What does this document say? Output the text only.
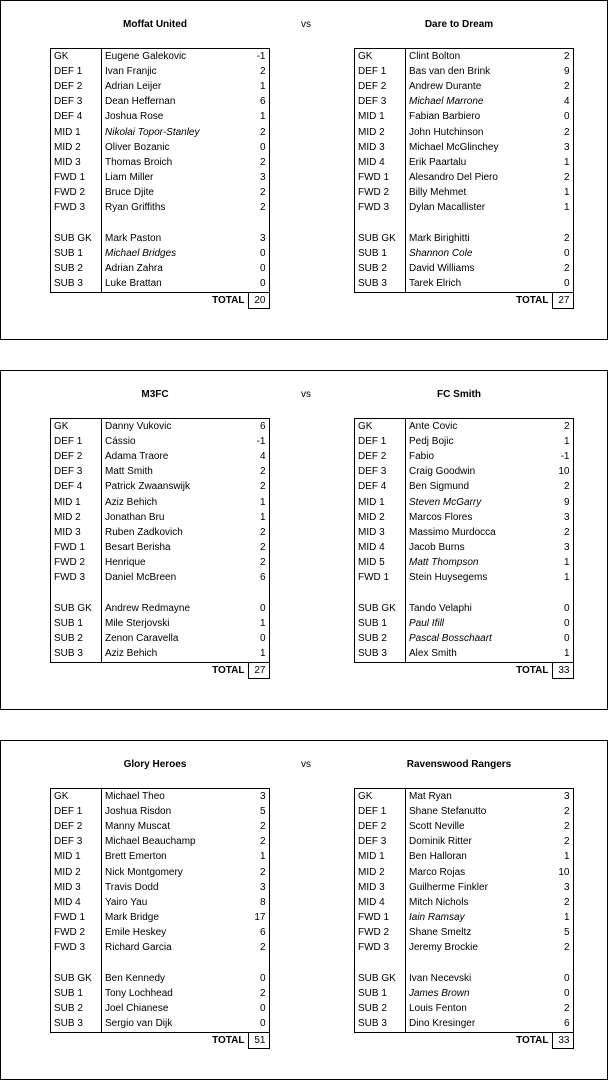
vs
Moffat United
GK	Eugene Galekovic	-1
DEF 1	Ivan Franjic	2
DEF 2	Adrian Leijer	1
DEF 3	Dean Heffernan	6
DEF 4	Joshua Rose	1
MID 1	Nikolai Topor-Stanley	2
MID 2	Oliver Bozanic	0
MID 3	Thomas Broich	2
FWD 1	Liam Miller	3
FWD 2	Bruce Djite	2
FWD 3	Ryan Griffiths	2

SUB GK	Mark Paston	3
SUB 1	Michael Bridges	0
SUB 2	Adrian Zahra	0
SUB 3	Luke Brattan	0
	TOTAL	20
Dare to Dream
GK	Clint Bolton	2
DEF 1	Bas van den Brink	9
DEF 2	Andrew Durante	2
DEF 3	Michael Marrone	4
MID 1	Fabian Barbiero	0
MID 2	John Hutchinson	2
MID 3	Michael McGlinchey	3
MID 4	Erik Paartalu	1
FWD 1	Alesandro Del Piero	2
FWD 2	Billy Mehmet	1
FWD 3	Dylan Macallister	1

SUB GK	Mark Birighitti	2
SUB 1	Shannon Cole	0
SUB 2	David Williams	2
SUB 3	Tarek Elrich	0
	TOTAL	27
vs
M3FC
GK	Danny Vukovic	6
DEF 1	Cássio	-1
DEF 2	Adama Traore	4
DEF 3	Matt Smith	2
DEF 4	Patrick Zwaanswijk	2
MID 1	Aziz Behich	1
MID 2	Jonathan Bru	1
MID 3	Ruben Zadkovich	2
FWD 1	Besart Berisha	2
FWD 2	Henrique	2
FWD 3	Daniel McBreen	6

SUB GK	Andrew Redmayne	0
SUB 1	Mile Sterjovski	1
SUB 2	Zenon Caravella	0
SUB 3	Aziz Behich	1
	TOTAL	27
FC Smith
GK	Ante Covic	2
DEF 1	Pedj Bojic	1
DEF 2	Fabio	-1
DEF 3	Craig Goodwin	10
DEF 4	Ben Sigmund	2
MID 1	Steven McGarry	9
MID 2	Marcos Flores	3
MID 3	Massimo Murdocca	2
MID 4	Jacob Burns	3
MID 5	Matt Thompson	1
FWD 1	Stein Huysegems	1

SUB GK	Tando Velaphi	0
SUB 1	Paul Ifill	0
SUB 2	Pascal Bosschaart	0
SUB 3	Alex Smith	1
	TOTAL	33
vs
Glory Heroes
GK	Michael Theo	3
DEF 1	Joshua Risdon	5
DEF 2	Manny Muscat	2
DEF 3	Michael Beauchamp	2
MID 1	Brett Emerton	1
MID 2	Nick Montgomery	2
MID 3	Travis Dodd	3
MID 4	Yairo Yau	8
FWD 1	Mark Bridge	17
FWD 2	Emile Heskey	6
FWD 3	Richard Garcia	2

SUB GK	Ben Kennedy	0
SUB 1	Tony Lochhead	2
SUB 2	Joel Chianese	0
SUB 3	Sergio van Dijk	0
	TOTAL	51
Ravenswood Rangers
GK	Mat Ryan	3
DEF 1	Shane Stefanutto	2
DEF 2	Scott Neville	2
DEF 3	Dominik Ritter	2
MID 1	Ben Halloran	1
MID 2	Marco Rojas	10
MID 3	Guilherme Finkler	3
MID 4	Mitch Nichols	2
FWD 1	Iain Ramsay	1
FWD 2	Shane Smeltz	5
FWD 3	Jeremy Brockie	2

SUB GK	Ivan Necevski	0
SUB 1	James Brown	0
SUB 2	Louis Fenton	2
SUB 3	Dino Kresinger	6
	TOTAL	33
